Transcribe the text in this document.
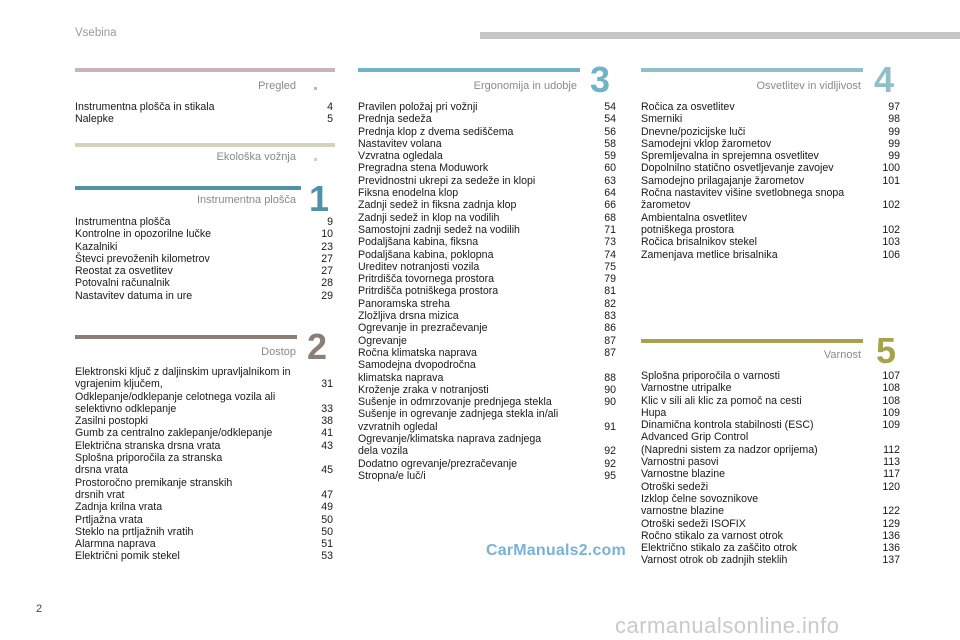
Vsebina
Pregled
Instrumentna plošča in stikala	4
Nalepke	5
Ekološka vožnja
Instrumentna plošča 1
Instrumentna plošča	9
Kontrolne in opozorilne lučke	10
Kazalniki	23
Števci prevoženih kilometrov	27
Reostat za osvetlitev	27
Potovalni računalnik	28
Nastavitev datuma in ure	29
Dostop 2
Elektronski ključ z daljinskim upravljalnikom in
vgrajenim ključem,	31
Odklepanje/odklepanje celotnega vozila ali
selektivno odklepanje	33
Zasilni postopki	38
Gumb za centralno zaklepanje/odklepanje	41
Električna stranska drsna vrata	43
Splošna priporočila za stranska
drsna vrata	45
Prostoročno premikanje stranskih
drsnih vrat	47
Zadnja krilna vrata	49
Prtljažna vrata	50
Steklo na prtljažnih vratih	50
Alarmna naprava	51
Električni pomik stekel	53
Ergonomija in udobje 3
Pravilen položaj pri vožnji	54
Prednja sedeža	54
Prednja klop z dvema sediščema	56
Nastavitev volana	58
Vzvratna ogledala	59
Pregradna stena Moduwork	60
Previdnostni ukrepi za sedeže in klopi	63
Fiksna enodelna klop	64
Zadnji sedež in fiksna zadnja klop	66
Zadnji sedež in klop na vodilih	68
Samostojni zadnji sedež na vodilih	71
Podaljšana kabina, fiksna	73
Podaljšana kabina, poklopna	74
Ureditev notranjosti vozila	75
Pritrdišča tovornega prostora	79
Pritrdišča potniškega prostora	81
Panoramska streha	82
Zložljiva drsna mizica	83
Ogrevanje in prezračevanje	86
Ogrevanje	87
Ročna klimatska naprava	87
Samodejna dvopodročna
klimatska naprava	88
Kroženje zraka v notranjosti	90
Sušenje in odmrzovanje prednjega stekla	90
Sušenje in ogrevanje zadnjega stekla in/ali
vzvratnih ogledal	91
Ogrevanje/klimatska naprava zadnjega
dela vozila	92
Dodatno ogrevanje/prezračevanje	92
Stropna/e luč/i	95
Osvetlitev in vidljivost 4
Ročica za osvetlitev	97
Smerniki	98
Dnevne/pozicijske luči	99
Samodejni vklop žarometov	99
Spremljevalna in sprejemna osvetlitev	99
Dopolnilno statično osvetljevanje zavojev	100
Samodejno prilagajanje žarometov	101
Ročna nastavitev višine svetlobnega snopa
žarometov	102
Ambientalna osvetlitev
potniškega prostora	102
Ročica brisalnikov stekel	103
Zamenjava metlice brisalnika	106
Varnost 5
Splošna priporočila o varnosti	107
Varnostne utripalke	108
Klic v sili ali klic za pomoč na cesti	108
Hupa	109
Dinamična kontrola stabilnosti (ESC)	109
Advanced Grip Control
(Napredni sistem za nadzor oprijema)	112
Varnostni pasovi	113
Varnostne blazine	117
Otroški sedeži	120
Izklop čelne sovoznikove
varnostne blazine	122
Otroški sedeži ISOFIX	129
Ročno stikalo za varnost otrok	136
Električno stikalo za zaščito otrok	136
Varnost otrok ob zadnjih steklih	137
2
CarManuals2.com
carmanualsonline.info
